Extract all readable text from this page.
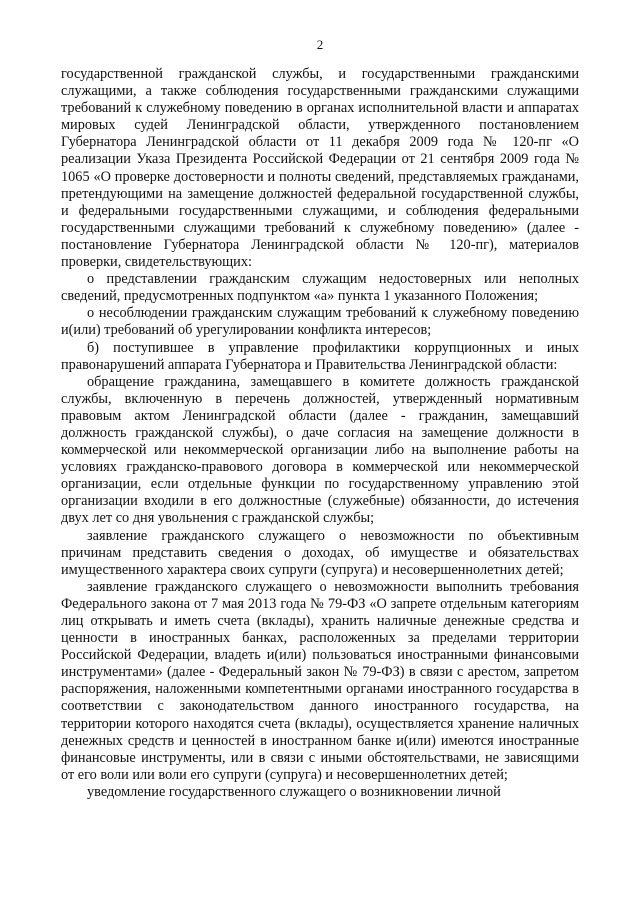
2

государственной гражданской службы, и государственными гражданскими служащими, а также соблюдения государственными гражданскими служащими требований к служебному поведению в органах исполнительной власти и аппаратах мировых судей Ленинградской области, утвержденного постановлением Губернатора Ленинградской области от 11 декабря 2009 года № 120-пг «О реализации Указа Президента Российской Федерации от 21 сентября 2009 года № 1065 «О проверке достоверности и полноты сведений, представляемых гражданами, претендующими на замещение должностей федеральной государственной службы, и федеральными государственными служащими, и соблюдения федеральными государственными служащими требований к служебному поведению» (далее - постановление Губернатора Ленинградской области № 120-пг), материалов проверки, свидетельствующих:

о представлении гражданским служащим недостоверных или неполных сведений, предусмотренных подпунктом «а» пункта 1 указанного Положения;

о несоблюдении гражданским служащим требований к служебному поведению и(или) требований об урегулировании конфликта интересов;

б) поступившее в управление профилактики коррупционных и иных правонарушений аппарата Губернатора и Правительства Ленинградской области:

обращение гражданина, замещавшего в комитете должность гражданской службы, включенную в перечень должностей, утвержденный нормативным правовым актом Ленинградской области (далее - гражданин, замещавший должность гражданской службы), о даче согласия на замещение должности в коммерческой или некоммерческой организации либо на выполнение работы на условиях гражданско-правового договора в коммерческой или некоммерческой организации, если отдельные функции по государственному управлению этой организации входили в его должностные (служебные) обязанности, до истечения двух лет со дня увольнения с гражданской службы;

заявление гражданского служащего о невозможности по объективным причинам представить сведения о доходах, об имуществе и обязательствах имущественного характера своих супруги (супруга) и несовершеннолетних детей;

заявление гражданского служащего о невозможности выполнить требования Федерального закона от 7 мая 2013 года № 79-ФЗ «О запрете отдельным категориям лиц открывать и иметь счета (вклады), хранить наличные денежные средства и ценности в иностранных банках, расположенных за пределами территории Российской Федерации, владеть и(или) пользоваться иностранными финансовыми инструментами» (далее - Федеральный закон № 79-ФЗ) в связи с арестом, запретом распоряжения, наложенными компетентными органами иностранного государства в соответствии с законодательством данного иностранного государства, на территории которого находятся счета (вклады), осуществляется хранение наличных денежных средств и ценностей в иностранном банке и(или) имеются иностранные финансовые инструменты, или в связи с иными обстоятельствами, не зависящими от его воли или воли его супруги (супруга) и несовершеннолетних детей;

уведомление государственного служащего о возникновении личной
